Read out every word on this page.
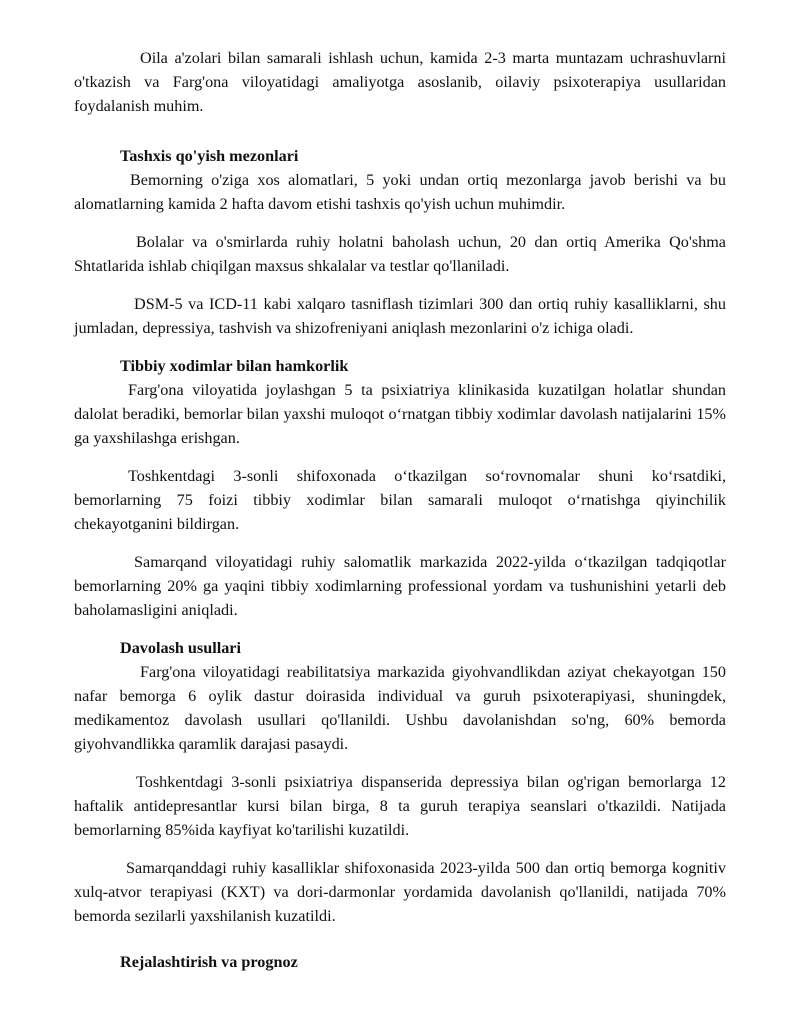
Oila a'zolari bilan samarali ishlash uchun, kamida 2-3 marta muntazam uchrashuvlarni o'tkazish va Farg'ona viloyatidagi amaliyotga asoslanib, oilaviy psixoterapiya usullaridan foydalanish muhim.

Tashxis qo'yish mezonlari

Bemorning o'ziga xos alomatlari, 5 yoki undan ortiq mezonlarga javob berishi va bu alomatlarning kamida 2 hafta davom etishi tashxis qo'yish uchun muhimdir.

Bolalar va o'smirlarda ruhiy holatni baholash uchun, 20 dan ortiq Amerika Qo'shma Shtatlarida ishlab chiqilgan maxsus shkalalar va testlar qo'llaniladi.

DSM-5 va ICD-11 kabi xalqaro tasniflash tizimlari 300 dan ortiq ruhiy kasalliklarni, shu jumladan, depressiya, tashvish va shizofreniyani aniqlash mezonlarini o'z ichiga oladi.

Tibbiy xodimlar bilan hamkorlik

Farg'ona viloyatida joylashgan 5 ta psixiatriya klinikasida kuzatilgan holatlar shundan dalolat beradiki, bemorlar bilan yaxshi muloqot o‘rnatgan tibbiy xodimlar davolash natijalarini 15% ga yaxshilashga erishgan.

Toshkentdagi 3-sonli shifoxonada o‘tkazilgan so‘rovnomalar shuni ko‘rsatdiki, bemorlarning 75 foizi tibbiy xodimlar bilan samarali muloqot o‘rnatishga qiyinchilik chekayotganini bildirgan.

Samarqand viloyatidagi ruhiy salomatlik markazida 2022-yilda o‘tkazilgan tadqiqotlar bemorlarning 20% ga yaqini tibbiy xodimlarning professional yordam va tushunishini yetarli deb baholamasligini aniqladi.

Davolash usullari

Farg'ona viloyatidagi reabilitatsiya markazida giyohvandlikdan aziyat chekayotgan 150 nafar bemorga 6 oylik dastur doirasida individual va guruh psixoterapiyasi, shuningdek, medikamentoz davolash usullari qo'llanildi. Ushbu davolanishdan so'ng, 60% bemorda giyohvandlikka qaramlik darajasi pasaydi.

Toshkentdagi 3-sonli psixiatriya dispanserida depressiya bilan og'rigan bemorlarga 12 haftalik antidepresantlar kursi bilan birga, 8 ta guruh terapiya seanslari o'tkazildi. Natijada bemorlarning 85%ida kayfiyat ko'tarilishi kuzatildi.

Samarqanddagi ruhiy kasalliklar shifoxonasida 2023-yilda 500 dan ortiq bemorga kognitiv xulq-atvor terapiyasi (KXT) va dori-darmonlar yordamida davolanish qo'llanildi, natijada 70% bemorda sezilarli yaxshilanish kuzatildi.

Rejalashtirish va prognoz
